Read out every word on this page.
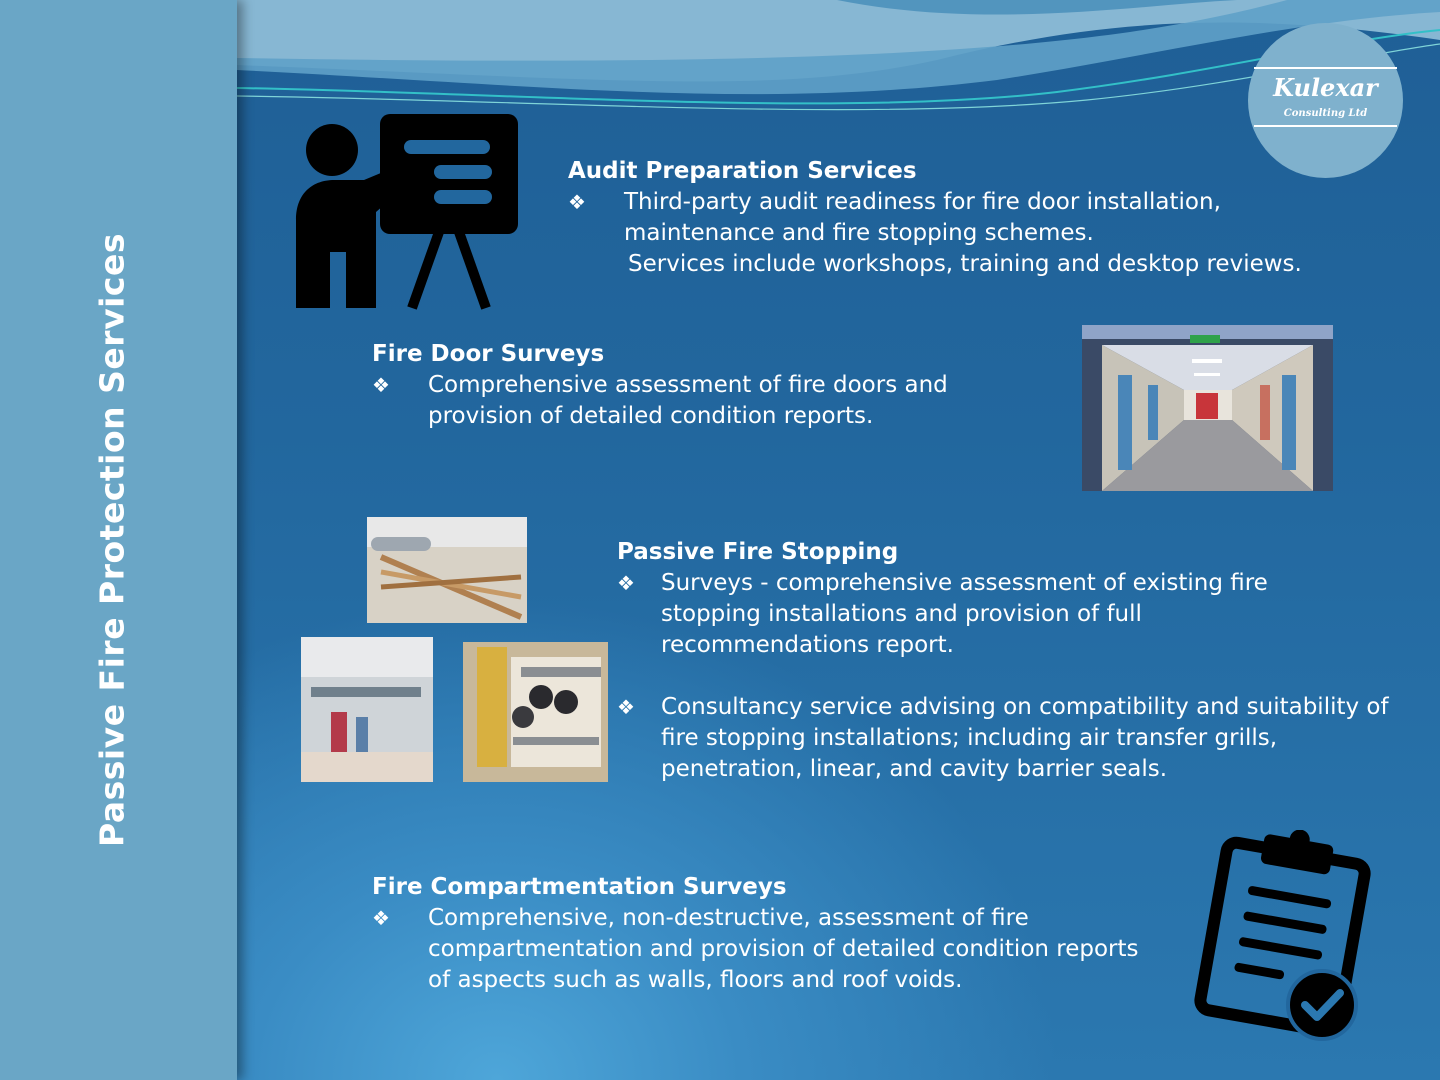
Passive Fire Protection Services
Kulexar
Consulting Ltd
Audit Preparation Services
❖	Third-party audit readiness for fire door installation, maintenance and fire stopping schemes.
Services include workshops, training and desktop reviews.
Fire Door Surveys
❖	Comprehensive assessment of fire doors and provision of detailed condition reports.
Passive Fire Stopping
❖	Surveys - comprehensive assessment of existing fire stopping installations and provision of full recommendations report.
❖	Consultancy service advising on compatibility and suitability of fire stopping installations; including air transfer grills, penetration, linear, and cavity barrier seals.
Fire Compartmentation Surveys
❖	Comprehensive, non-destructive, assessment of fire compartmentation and provision of detailed condition reports of aspects such as walls, floors and roof voids.
